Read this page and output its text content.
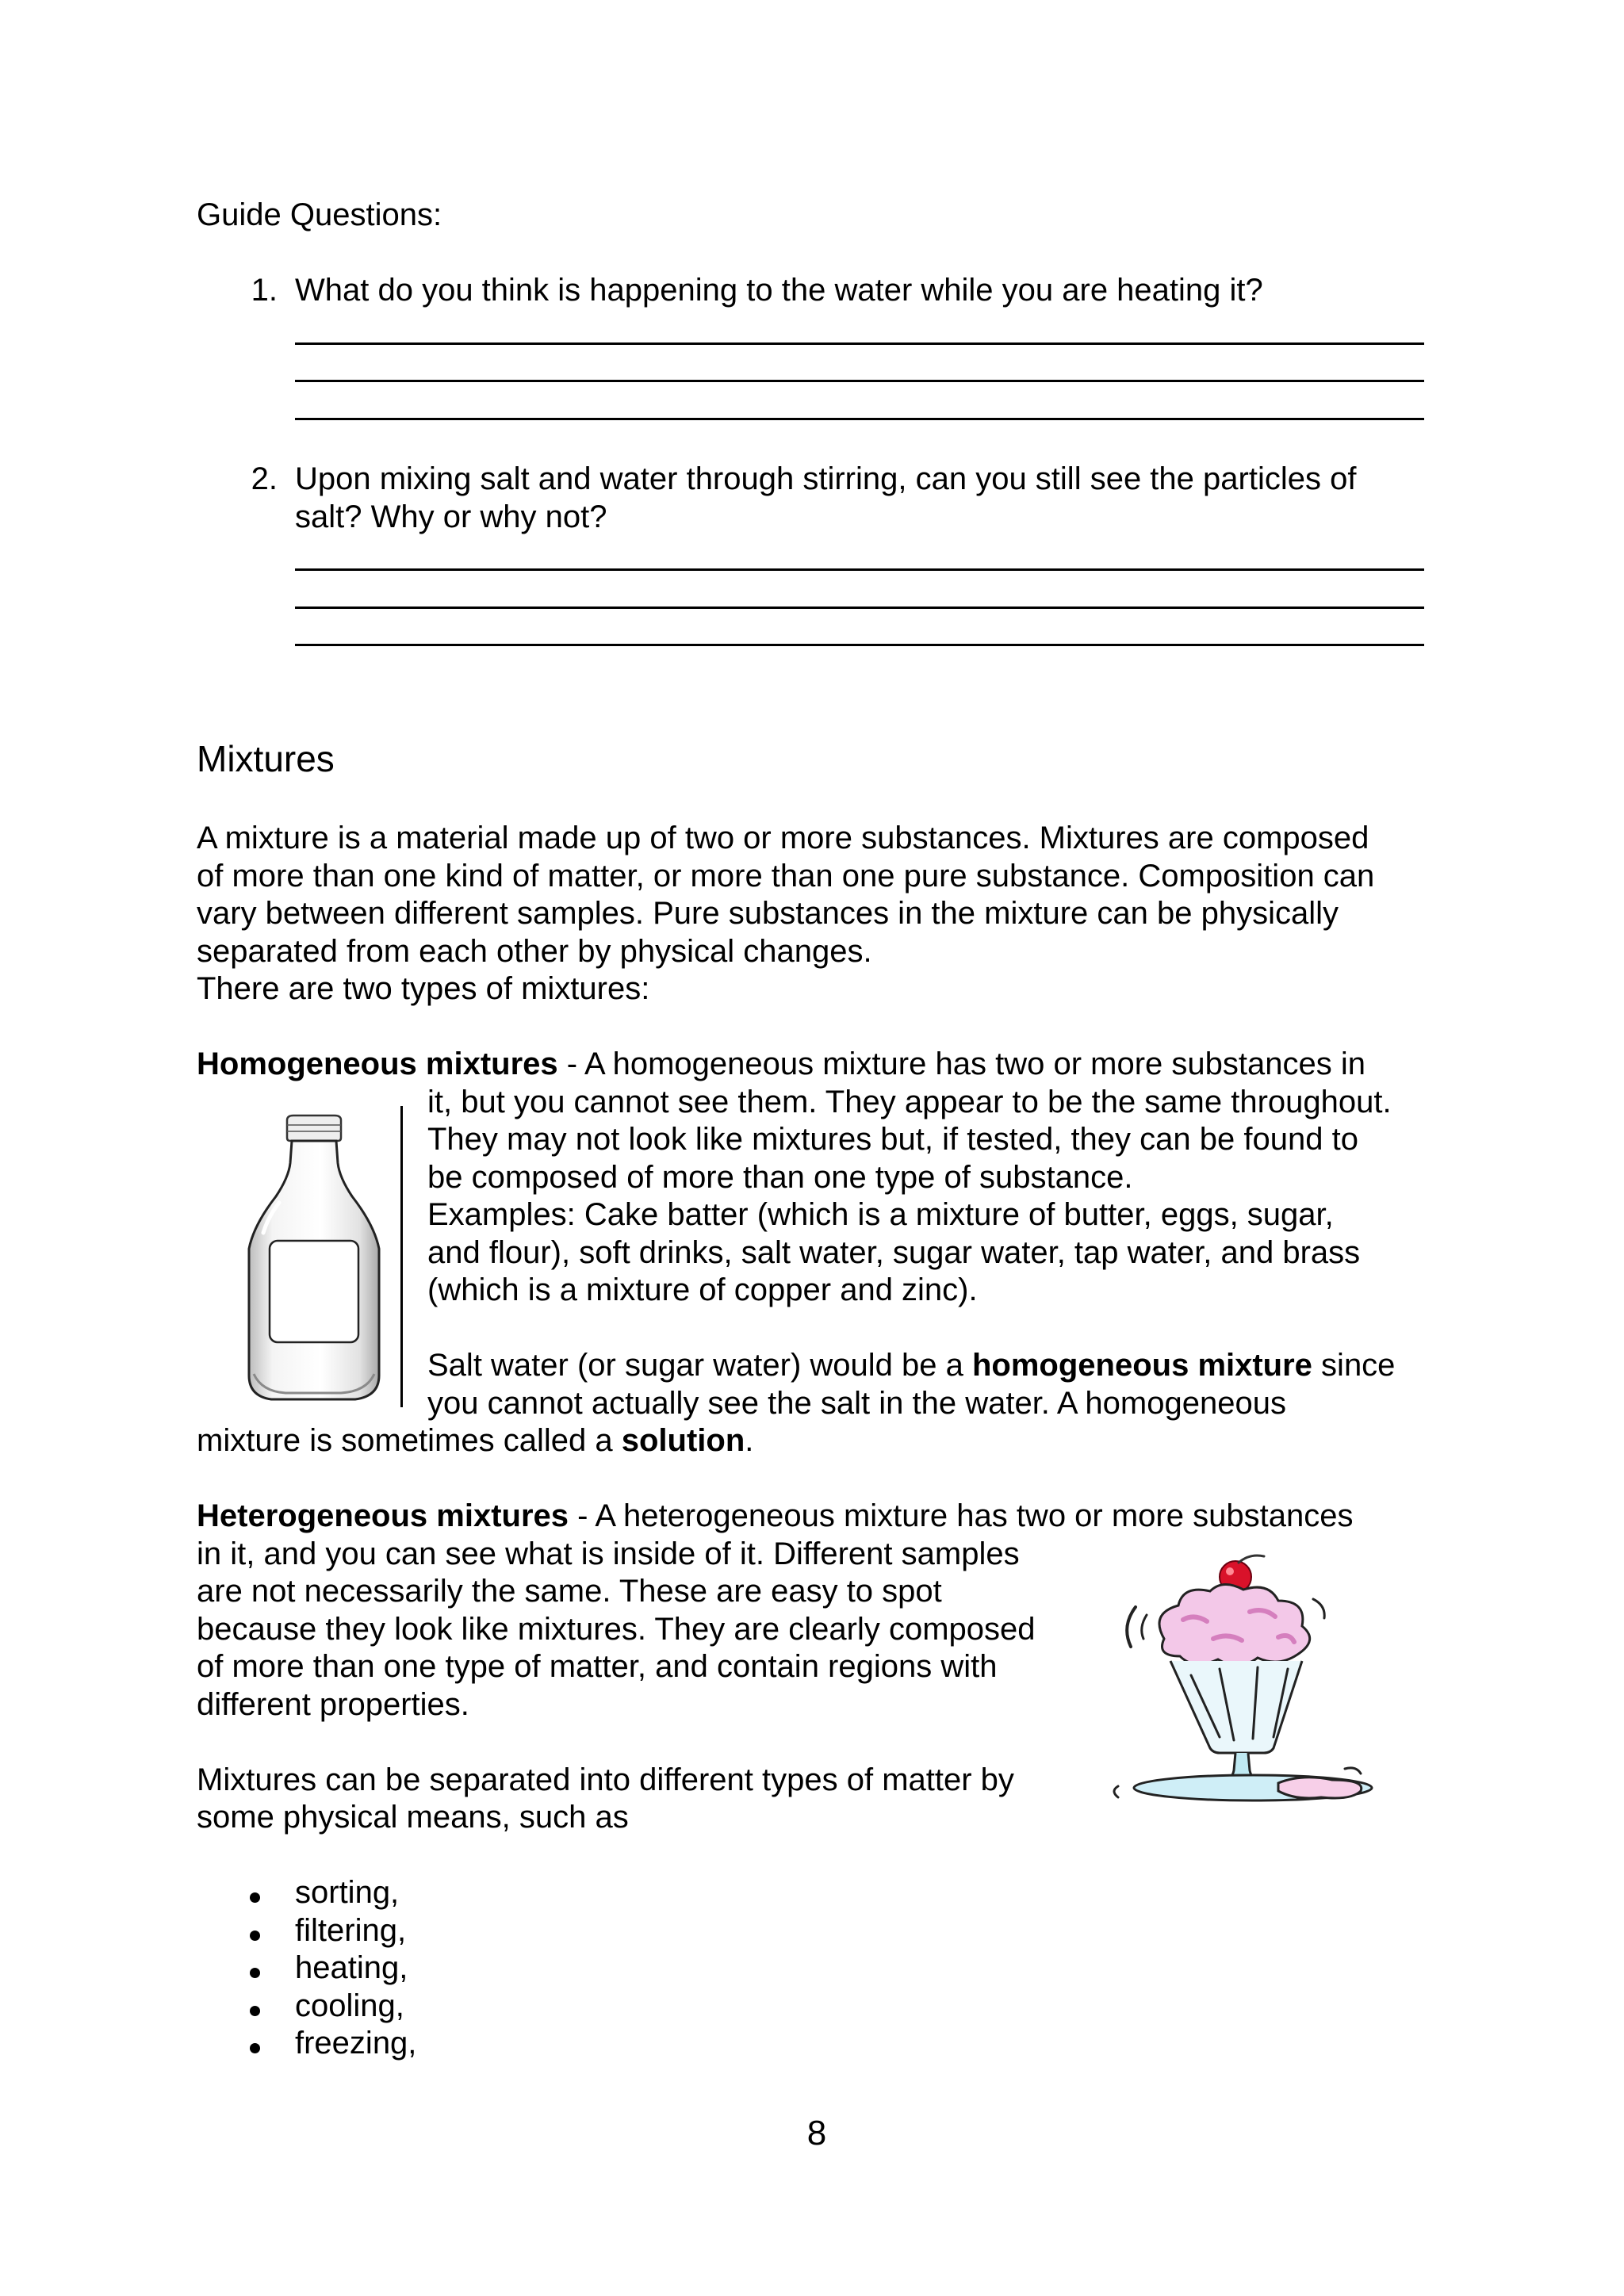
Guide Questions:
1. What do you think is happening to the water while you are heating it?
2. Upon mixing salt and water through stirring, can you still see the particles of
salt? Why or why not?
Mixtures
A mixture is a material made up of two or more substances. Mixtures are composed
of more than one kind of matter, or more than one pure substance. Composition can
vary between different samples. Pure substances in the mixture can be physically
separated from each other by physical changes.
There are two types of mixtures:
Homogeneous mixtures - A homogeneous mixture has two or more substances in
it, but you cannot see them. They appear to be the same throughout.
They may not look like mixtures but, if tested, they can be found to
be composed of more than one type of substance.
Examples: Cake batter (which is a mixture of butter, eggs, sugar,
and flour), soft drinks, salt water, sugar water, tap water, and brass
(which is a mixture of copper and zinc).
Salt water (or sugar water) would be a homogeneous mixture since
you cannot actually see the salt in the water. A homogeneous
mixture is sometimes called a solution.
Heterogeneous mixtures - A heterogeneous mixture has two or more substances
in it, and you can see what is inside of it. Different samples
are not necessarily the same. These are easy to spot
because they look like mixtures. They are clearly composed
of more than one type of matter, and contain regions with
different properties.
Mixtures can be separated into different types of matter by
some physical means, such as
sorting,
filtering,
heating,
cooling,
freezing,
8
